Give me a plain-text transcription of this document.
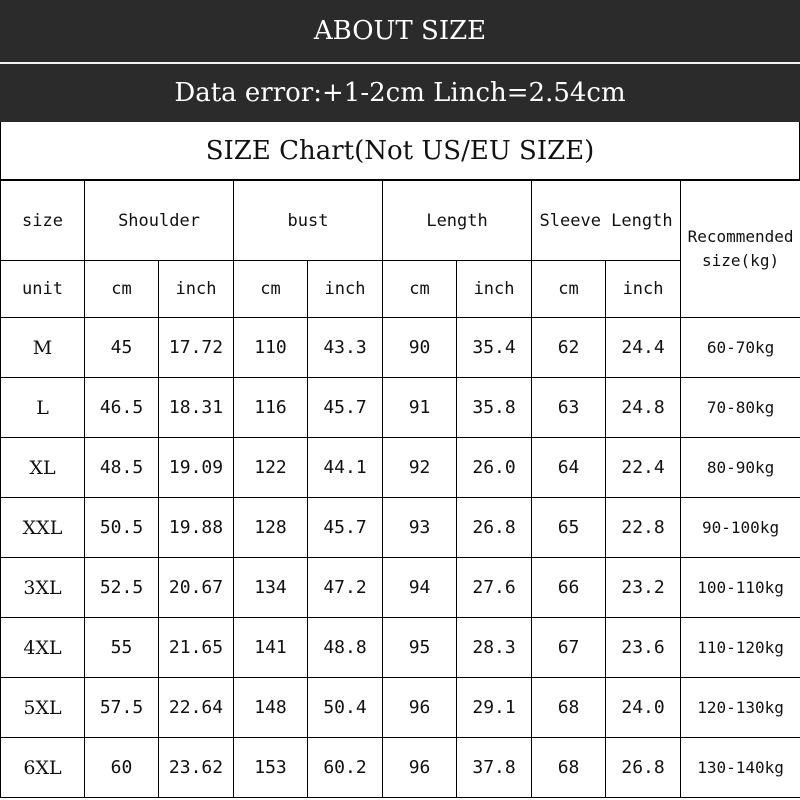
ABOUT SIZE
Data error:+1-2cm Linch=2.54cm
SIZE Chart(Not US/EU SIZE)
size	Shoulder		bust		Length		Sleeve Length		Recommended size(kg)
unit	cm	inch	cm	inch	cm	inch	cm	inch	
M	45	17.72	110	43.3	90	35.4	62	24.4	60-70kg
L	46.5	18.31	116	45.7	91	35.8	63	24.8	70-80kg
XL	48.5	19.09	122	44.1	92	26.0	64	22.4	80-90kg
XXL	50.5	19.88	128	45.7	93	26.8	65	22.8	90-100kg
3XL	52.5	20.67	134	47.2	94	27.6	66	23.2	100-110kg
4XL	55	21.65	141	48.8	95	28.3	67	23.6	110-120kg
5XL	57.5	22.64	148	50.4	96	29.1	68	24.0	120-130kg
6XL	60	23.62	153	60.2	96	37.8	68	26.8	130-140kg
